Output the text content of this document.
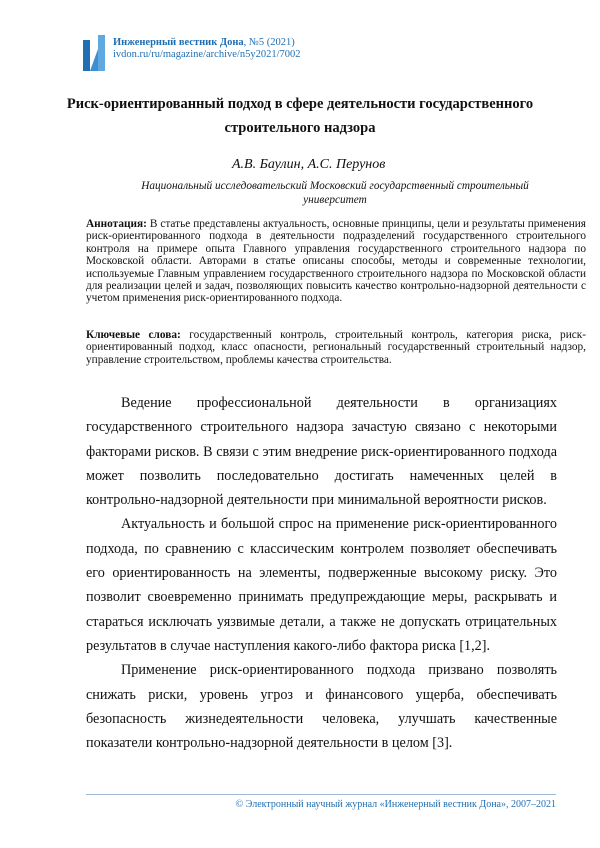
Инженерный вестник Дона, №5 (2021)
ivdon.ru/ru/magazine/archive/n5y2021/7002
Риск-ориентированный подход в сфере деятельности государственного строительного надзора
А.В. Баулин, А.С. Перунов
Национальный исследовательский Московский государственный строительный университет
Аннотация: В статье представлены актуальность, основные принципы, цели и результаты применения риск-ориентированного подхода в деятельности подразделений государственного строительного контроля на примере опыта Главного управления государственного строительного надзора по Московской области. Авторами в статье описаны способы, методы и современные технологии, используемые Главным управлением государственного строительного надзора по Московской области для реализации целей и задач, позволяющих повысить качество контрольно-надзорной деятельности с учетом применения риск-ориентированного подхода.
Ключевые слова: государственный контроль, строительный контроль, категория риска, риск-ориентированный подход, класс опасности, региональный государственный строительный надзор, управление строительством, проблемы качества строительства.

Ведение профессиональной деятельности в организациях государственного строительного надзора зачастую связано с некоторыми факторами рисков. В связи с этим внедрение риск-ориентированного подхода может позволить последовательно достигать намеченных целей в контрольно-надзорной деятельности при минимальной вероятности рисков.

Актуальность и большой спрос на применение риск-ориентированного подхода, по сравнению с классическим контролем позволяет обеспечивать его ориентированность на элементы, подверженные высокому риску. Это позволит своевременно принимать предупреждающие меры, раскрывать и стараться исключать уязвимые детали, а также не допускать отрицательных результатов в случае наступления какого-либо фактора риска [1,2].

Применение риск-ориентированного подхода призвано позволять снижать риски, уровень угроз и финансового ущерба, обеспечивать безопасность жизнедеятельности человека, улучшать качественные показатели контрольно-надзорной деятельности в целом [3].

© Электронный научный журнал «Инженерный вестник Дона», 2007–2021
